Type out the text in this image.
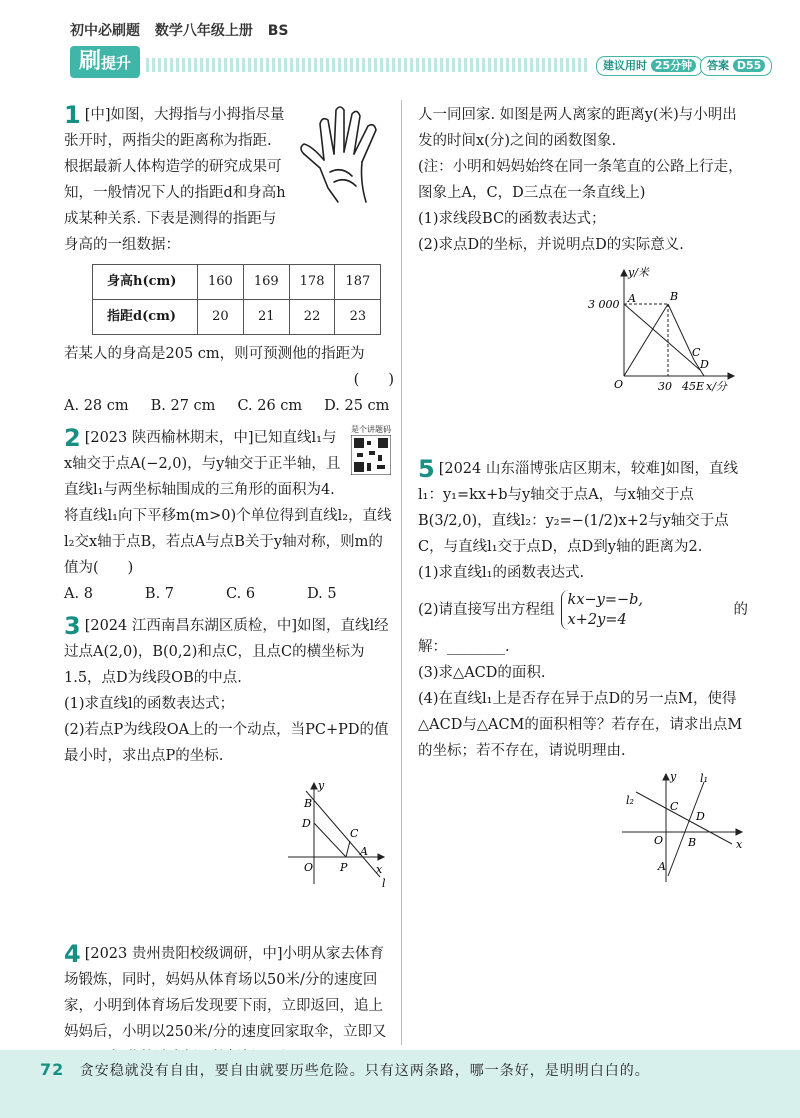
初中必刷题 数学八年级上册 BS
刷提升	建议用时 25分钟	答案 D55

1 [中]如图，大拇指与小拇指尽量张开时，两指尖的距离称为指距. 根据最新人体构造学的研究成果可知，一般情况下人的指距d和身高h成某种关系. 下表是测得的指距与身高的一组数据：

身高h(cm)	160	169	178	187
指距d(cm)	20	21	22	23

若某人的身高是205 cm，则可预测他的指距为

(　　)

A. 28 cm B. 27 cm C. 26 cm D. 25 cm
是个讲题码

2 [2023 陕西榆林期末，中]已知直线l₁与x轴交于点A(−2,0)，与y轴交于正半轴，且直线l₁与两坐标轴围成的三角形的面积为4. 将直线l₁向下平移m(m>0)个单位得到直线l₂，直线l₂交x轴于点B，若点A与点B关于y轴对称，则m的值为(　　)

A. 8	B. 7	C. 6	D. 5

3 [2024 江西南昌东湖区质检，中]如图，直线l经过点A(2,0)，B(0,2)和点C，且点C的横坐标为1.5，点D为线段OB的中点.

(1)求直线l的函数表达式；

(2)若点P为线段OA上的一个动点，当PC+PD的值最小时，求出点P的坐标.

y
x
B
D
C
A
O P
l

4 [2023 贵州贵阳校级调研，中]小明从家去体育场锻炼，同时，妈妈从体育场以50米/分的速度回家，小明到体育场后发现要下雨，立即返回，追上妈妈后，小明以250米/分的速度回家取伞，立即又

人一同回家. 如图是两人离家的距离y(米)与小明出发的时间x(分)之间的函数图象.

(注：小明和妈妈始终在同一条笔直的公路上行走，图象上A，C，D三点在一条直线上)

(1)求线段BC的函数表达式；

(2)求点D的坐标，并说明点D的实际意义.

y/米
3 000 A	B
C
D
O	30 45 E x/分

5 [2024 山东淄博张店区期末，较难]如图，直线l₁：y₁=kx+b与y轴交于点A，与x轴交于点B(3/2,0)，直线l₂：y₂=−(1/2)x+2与y轴交于点C，与直线l₁交于点D，点D到y轴的距离为2.

(1)求直线l₁的函数表达式.

(2)请直接写出方程组
kx−y=−b,
x+2y=4
的

解：________.

(3)求△ACD的面积.

(4)在直线l₁上是否存在异于点D的另一点M，使得△ACD与△ACM的面积相等？若存在，请求出点M的坐标；若不存在，请说明理由.

y
x
l₁
l₂	C
D
O B
A
72 贪安稳就没有自由，要自由就要历些危险。只有这两条路，哪一条好，是明明白白的。
